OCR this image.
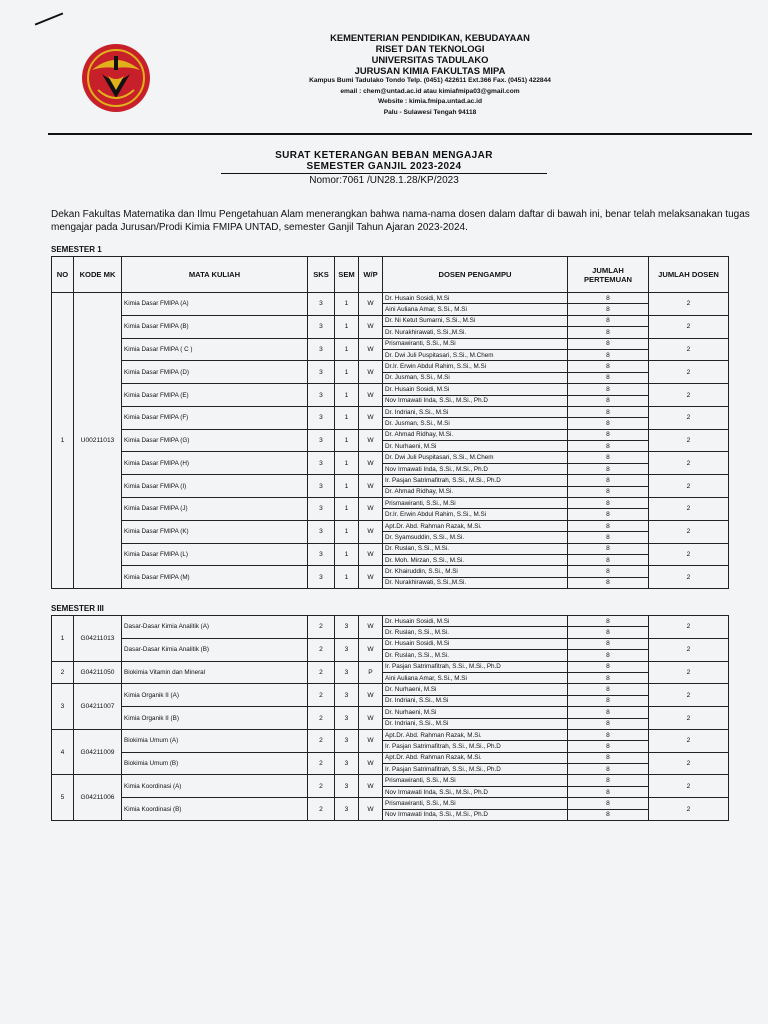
KEMENTERIAN PENDIDIKAN, KEBUDAYAAN
RISET DAN TEKNOLOGI
UNIVERSITAS TADULAKO
JURUSAN KIMIA FAKULTAS MIPA
Kampus Bumi Tadulako Tondo Telp. (0451) 422611 Ext.366 Fax. (0451) 422844
email : chem@untad.ac.id atau kimiafmipa03@gmail.com
Website : kimia.fmipa.untad.ac.id
Palu - Sulawesi Tengah 94118
SURAT KETERANGAN BEBAN MENGAJAR
SEMESTER GANJIL 2023-2024
Nomor:7061 /UN28.1.28/KP/2023
Dekan Fakultas Matematika dan Ilmu Pengetahuan Alam menerangkan bahwa nama-nama dosen dalam daftar di bawah ini, benar telah melaksanakan tugas mengajar pada Jurusan/Prodi Kimia FMIPA UNTAD, semester Ganjil Tahun Ajaran 2023-2024.
SEMESTER 1
NO	KODE MK	MATA KULIAH	SKS	SEM	W/P	DOSEN PENGAMPU	JUMLAH PERTEMUAN	JUMLAH DOSEN
1	U00211013	Kimia Dasar FMIPA (A)	3	1	W	Dr. Husain Sosidi, M.Si	8	2
						Aini Auliana Amar, S.Si., M.Si	8	
		Kimia Dasar FMIPA (B)	3	1	W	Dr. Ni Ketut Sumarni, S.Si., M.Si	8	2
						Dr. Nurakhirawati, S.Si.,M.Si.	8	
		Kimia Dasar FMIPA ( C )	3	1	W	Prismawiranti, S.Si., M.Si	8	2
						Dr. Dwi Juli Puspitasari, S.Si., M.Chem	8	
		Kimia Dasar FMIPA (D)	3	1	W	Dr.Ir. Erwin Abdul Rahim, S.Si., M.Si	8	2
						Dr. Jusman, S.Si., M.Si	8	
		Kimia Dasar FMIPA (E)	3	1	W	Dr. Husain Sosidi, M.Si	8	2
						Nov Irmawati Inda, S.Si., M.Si., Ph.D	8	
		Kimia Dasar FMIPA (F)	3	1	W	Dr. Indriani, S.Si., M.Si	8	2
						Dr. Jusman, S.Si., M.Si	8	
		Kimia Dasar FMIPA (G)	3	1	W	Dr. Ahmad Ridhay, M.Si.	8	2
						Dr. Nurhaeni, M.Si	8	
		Kimia Dasar FMIPA (H)	3	1	W	Dr. Dwi Juli Puspitasari, S.Si., M.Chem	8	2
						Nov Irmawati Inda, S.Si., M.Si., Ph.D	8	
		Kimia Dasar FMIPA (I)	3	1	W	Ir. Pasjan Satrimafitrah, S.Si., M.Si., Ph.D	8	2
						Dr. Ahmad Ridhay, M.Si.	8	
		Kimia Dasar FMIPA (J)	3	1	W	Prismawiranti, S.Si., M.Si	8	2
						Dr.Ir. Erwin Abdul Rahim, S.Si., M.Si	8	
		Kimia Dasar FMIPA (K)	3	1	W	Apt.Dr. Abd. Rahman Razak, M.Si.	8	2
						Dr. Syamsuddin, S.Si., M.Si.	8	
		Kimia Dasar FMIPA (L)	3	1	W	Dr. Ruslan, S.Si., M.Si.	8	2
						Dr. Moh. Mirzan, S.Si., M.Si.	8	
		Kimia Dasar FMIPA (M)	3	1	W	Dr. Khairuddin, S.Si., M.Si	8	2
						Dr. Nurakhirawati, S.Si.,M.Si.	8	
SEMESTER III
1	G04211013	Dasar-Dasar Kimia Analitik (A)	2	3	W	Dr. Husain Sosidi, M.Si	8	2
						Dr. Ruslan, S.Si., M.Si.	8	
		Dasar-Dasar Kimia Analitik (B)	2	3	W	Dr. Husain Sosidi, M.Si	8	2
						Dr. Ruslan, S.Si., M.Si.	8	
2	G04211050	Biokimia Vitamin dan Mineral	2	3	P	Ir. Pasjan Satrimafitrah, S.Si., M.Si., Ph.D	8	2
						Aini Auliana Amar, S.Si., M.Si	8	
3	G04211007	Kimia Organik II (A)	2	3	W	Dr. Nurhaeni, M.Si	8	2
						Dr. Indriani, S.Si., M.Si	8	
		Kimia Organik II (B)	2	3	W	Dr. Nurhaeni, M.Si	8	2
						Dr. Indriani, S.Si., M.Si	8	
4	G04211009	Biokimia Umum (A)	2	3	W	Apt.Dr. Abd. Rahman Razak, M.Si.	8	2
						Ir. Pasjan Satrimafitrah, S.Si., M.Si., Ph.D	8	
		Biokimia Umum (B)	2	3	W	Apt.Dr. Abd. Rahman Razak, M.Si.	8	2
						Ir. Pasjan Satrimafitrah, S.Si., M.Si., Ph.D	8	
5	G04211006	Kimia Koordinasi (A)	2	3	W	Prismawiranti, S.Si., M.Si	8	2
						Nov Irmawati Inda, S.Si., M.Si., Ph.D	8	
		Kimia Koordinasi (B)	2	3	W	Prismawiranti, S.Si., M.Si	8	2
						Nov Irmawati Inda, S.Si., M.Si., Ph.D	8	
